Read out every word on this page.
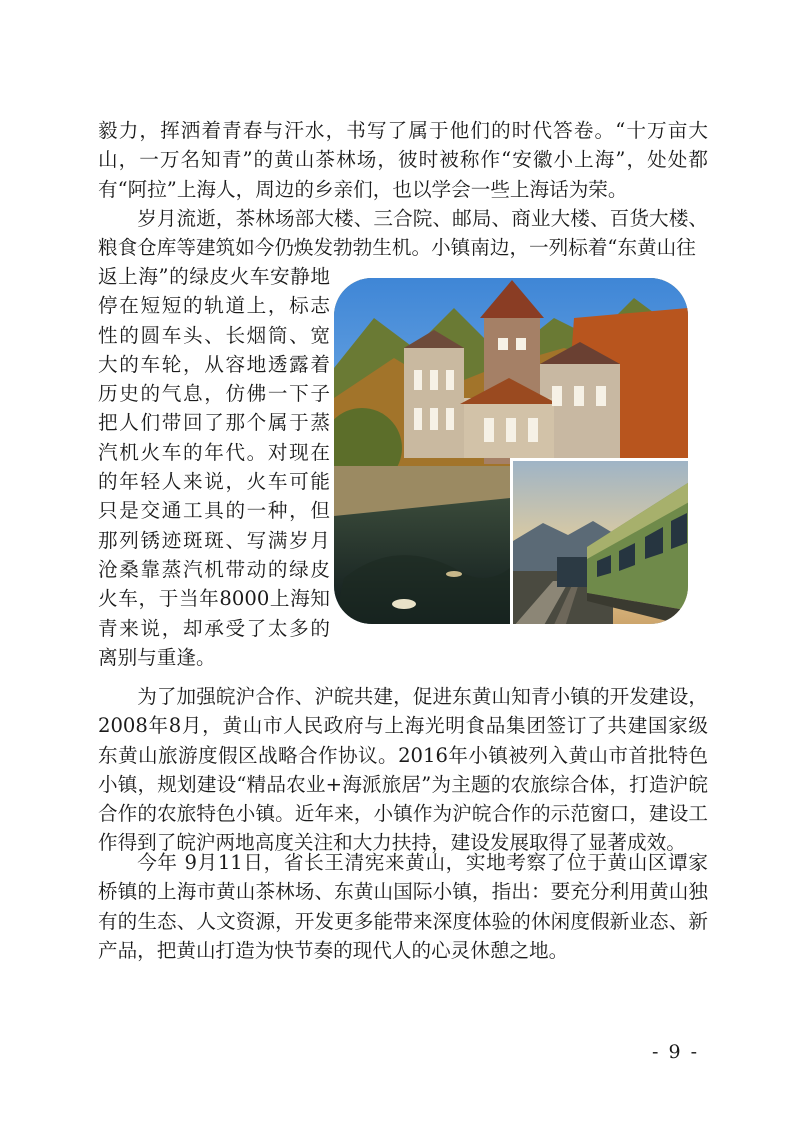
毅力，挥洒着青春与汗水，书写了属于他们的时代答卷。“十万亩大山，一万名知青”的黄山茶林场，彼时被称作“安徽小上海”，处处都有“阿拉”上海人，周边的乡亲们，也以学会一些上海话为荣。

岁月流逝，茶林场部大楼、三合院、邮局、商业大楼、百货大楼、粮食仓库等建筑如今仍焕发勃勃生机。小镇南边，一列标着“东黄山往

返上海”的绿皮火车安静地停在短短的轨道上，标志性的圆车头、长烟筒、宽大的车轮，从容地透露着历史的气息，仿佛一下子把人们带回了那个属于蒸汽机火车的年代。对现在的年轻人来说，火车可能只是交通工具的一种，但那列锈迹斑斑、写满岁月沧桑靠蒸汽机带动的绿皮火车，于当年8000上海知青来说，却承受了太多的离别与重逢。

为了加强皖沪合作、沪皖共建，促进东黄山知青小镇的开发建设，2008年8月，黄山市人民政府与上海光明食品集团签订了共建国家级东黄山旅游度假区战略合作协议。2016年小镇被列入黄山市首批特色小镇，规划建设“精品农业+海派旅居”为主题的农旅综合体，打造沪皖合作的农旅特色小镇。近年来，小镇作为沪皖合作的示范窗口，建设工作得到了皖沪两地高度关注和大力扶持，建设发展取得了显著成效。

今年 9月11日，省长王清宪来黄山，实地考察了位于黄山区谭家桥镇的上海市黄山茶林场、东黄山国际小镇，指出：要充分利用黄山独有的生态、人文资源，开发更多能带来深度体验的休闲度假新业态、新产品，把黄山打造为快节奏的现代人的心灵休憩之地。

- 9 -
